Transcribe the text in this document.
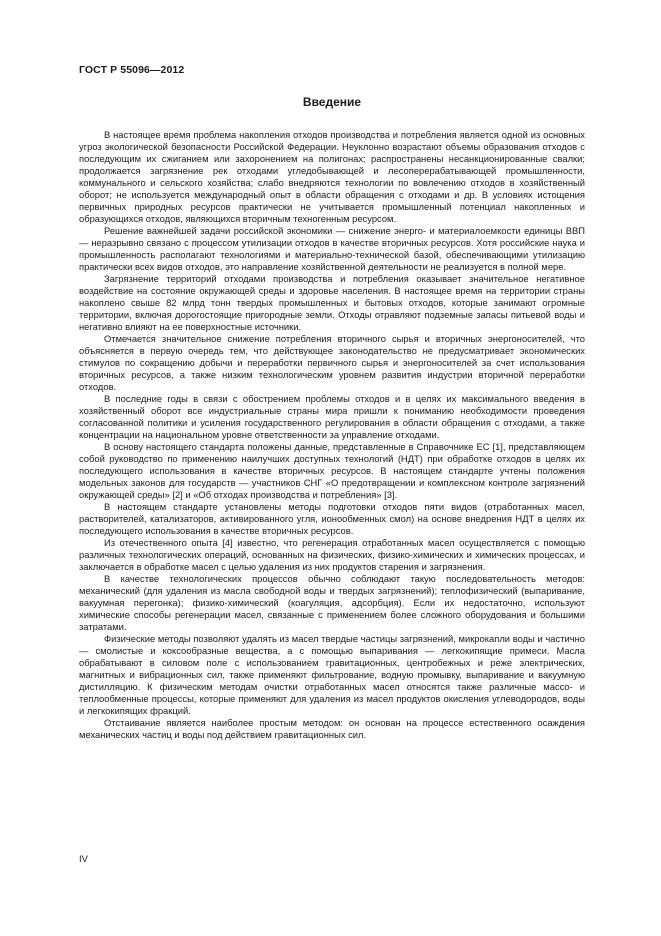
ГОСТ Р 55096—2012
Введение

В настоящее время проблема накопления отходов производства и потребления является одной из основных угроз экологической безопасности Российской Федерации. Неуклонно возрастают объемы образования отходов с последующим их сжиганием или захоронением на полигонах; распространены несанкционированные свалки; продолжается загрязнение рек отходами угледобывающей и лесоперерабатывающей промышленности, коммунального и сельского хозяйства; слабо внедряются технологии по вовлечению отходов в хозяйственный оборот; не используется международный опыт в области обращения с отходами и др. В условиях истощения первичных природных ресурсов практически не учитывается промышленный потенциал накопленных и образующихся отходов, являющихся вторичным техногенным ресурсом.

Решение важнейшей задачи российской экономики — снижение энерго- и материалоемкости единицы ВВП — неразрывно связано с процессом утилизации отходов в качестве вторичных ресурсов. Хотя российские наука и промышленность располагают технологиями и материально-технической базой, обеспечивающими утилизацию практически всех видов отходов, это направление хозяйственной деятельности не реализуется в полной мере.

Загрязнение территорий отходами производства и потребления оказывает значительное негативное воздействие на состояние окружающей среды и здоровье населения. В настоящее время на территории страны накоплено свыше 82 млрд тонн твердых промышленных и бытовых отходов, которые занимают огромные территории, включая дорогостоящие пригородные земли. Отходы отравляют подземные запасы питьевой воды и негативно влияют на ее поверхностные источники.

Отмечается значительное снижение потребления вторичного сырья и вторичных энергоносителей, что объясняется в первую очередь тем, что действующее законодательство не предусматривает экономических стимулов по сокращению добычи и переработки первичного сырья и энергоносителей за счет использования вторичных ресурсов, а также низким технологическим уровнем развития индустрии вторичной переработки отходов.

В последние годы в связи с обострением проблемы отходов и в целях их максимального введения в хозяйственный оборот все индустриальные страны мира пришли к пониманию необходимости проведения согласованной политики и усиления государственного регулирования в области обращения с отходами, а также концентрации на национальном уровне ответственности за управление отходами.

В основу настоящего стандарта положены данные, представленные в Справочнике ЕС [1], представляющем собой руководство по применению наилучших доступных технологий (НДТ) при обработке отходов в целях их последующего использования в качестве вторичных ресурсов. В настоящем стандарте учтены положения модельных законов для государств — участников СНГ «О предотвращении и комплексном контроле загрязнений окружающей среды» [2] и «Об отходах производства и потребления» [3].

В настоящем стандарте установлены методы подготовки отходов пяти видов (отработанных масел, растворителей, катализаторов, активированного угля, ионообменных смол) на основе внедрения НДТ в целях их последующего использования в качестве вторичных ресурсов.

Из отечественного опыта [4] известно, что регенерация отработанных масел осуществляется с помощью различных технологических операций, основанных на физических, физико-химических и химических процессах, и заключается в обработке масел с целью удаления из них продуктов старения и загрязнения.

В качестве технологических процессов обычно соблюдают такую последовательность методов: механический (для удаления из масла свободной воды и твердых загрязнений); теплофизический (выпаривание, вакуумная перегонка); физико-химический (коагуляция, адсорбция). Если их недостаточно, используют химические способы регенерации масел, связанные с применением более сложного оборудования и большими затратами.

Физические методы позволяют удалять из масел твердые частицы загрязнений, микрокапли воды и частично — смолистые и коксообразные вещества, а с помощью выпаривания — легкокипящие примеси. Масла обрабатывают в силовом поле с использованием гравитационных, центробежных и реже электрических, магнитных и вибрационных сил, также применяют фильтрование, водную промывку, выпаривание и вакуумную дистилляцию. К физическим методам очистки отработанных масел относятся также различные массо- и теплообменные процессы, которые применяют для удаления из масел продуктов окисления углеводородов, воды и легкокипящих фракций.

Отстаивание является наиболее простым методом: он основан на процессе естественного осаждения механических частиц и воды под действием гравитационных сил.

IV
